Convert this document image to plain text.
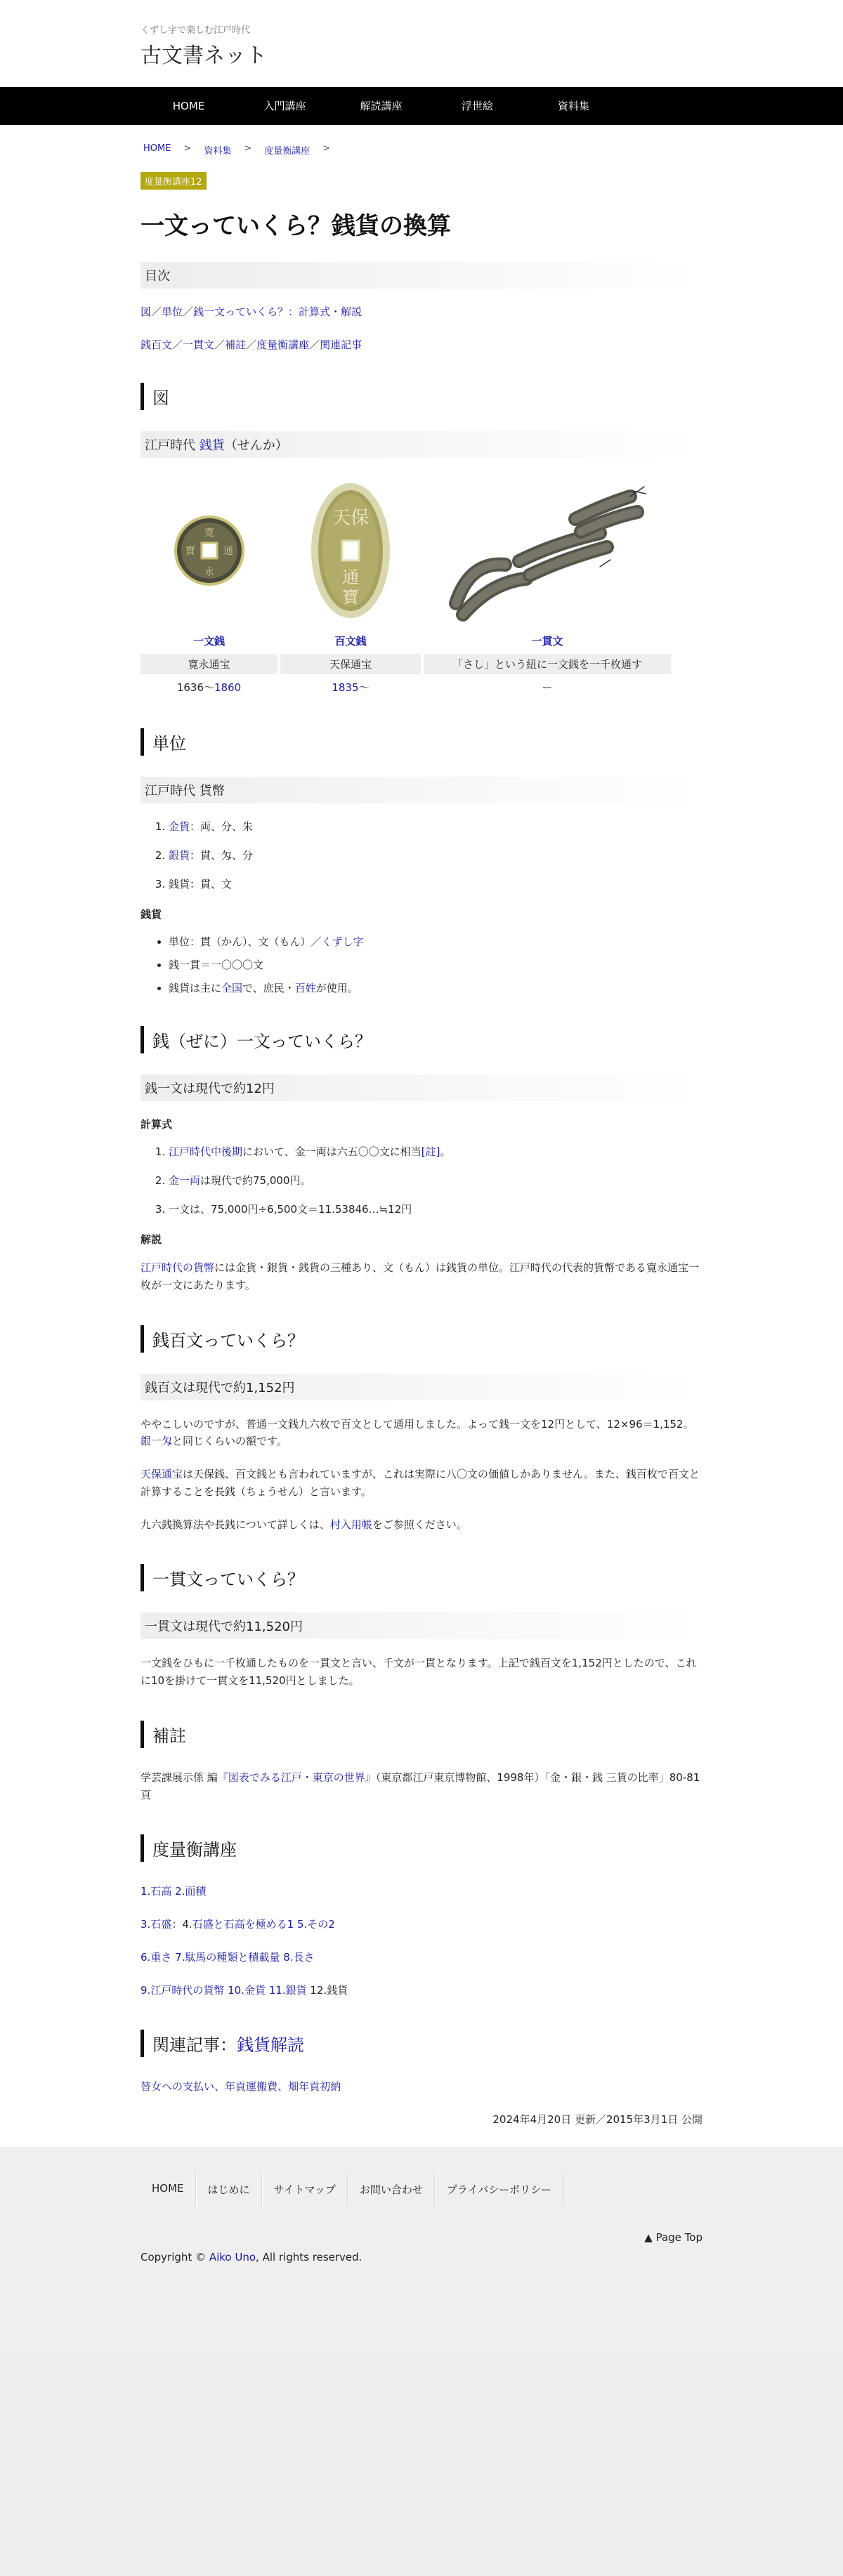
くずし字で楽しむ江戸時代
古文書ネット
HOME	入門講座	解読講座	浮世絵	資料集
HOME > 資料集 > 度量衡講座 >
度量衡講座12
一文っていくら？銭貨の換算
目次
図／単位／銭一文っていくら？：計算式・解説
銭百文／一貫文／補註／度量衡講座／関連記事
図
江戸時代 銭貨（せんか）
寛
永
通
寶
天保
通
寶
一文銭	百文銭	一貫文
寛永通宝	天保通宝	「さし」という紐に一文銭を一千枚通す
1636〜1860	1835〜	ー
単位
江戸時代 貨幣
1. 金貨：両、分、朱
2. 銀貨：貫、匁、分
3. 銭貨：貫、文
銭貨
• 単位：貫（かん）、文（もん）／くずし字
• 銭一貫＝一〇〇〇文
• 銭貨は主に全国で、庶民・百姓が使用。
銭（ぜに）一文っていくら？
銭一文は現代で約12円
計算式
1. 江戸時代中後期において、金一両は六五〇〇文に相当[註]。
2. 金一両は現代で約75,000円。
3. 一文は、75,000円÷6,500文＝11.53846…≒12円
解説

江戸時代の貨幣には金貨・銀貨・銭貨の三種あり、文（もん）は銭貨の単位。江戸時代の代表的貨幣である寛永通宝一枚が一文にあたります。

銭百文っていくら？
銭百文は現代で約1,152円

ややこしいのですが、普通一文銭九六枚で百文として通用しました。よって銭一文を12円として、12×96＝1,152。銀一匁と同じくらいの額です。

天保通宝は天保銭、百文銭とも言われていますが、これは実際に八〇文の価値しかありません。また、銭百枚で百文と計算することを長銭（ちょうせん）と言います。

九六銭換算法や長銭について詳しくは、村入用帳をご参照ください。

一貫文っていくら？
一貫文は現代で約11,520円

一文銭をひもに一千枚通したものを一貫文と言い、千文が一貫となります。上記で銭百文を1,152円としたので、これに10を掛けて一貫文を11,520円としました。

補註

学芸課展示係 編『図表でみる江戸・東京の世界』（東京都江戸東京博物館、1998年）「金・銀・銭 三貨の比率」80-81頁

度量衡講座

1.石高 2.面積

3.石盛：4.石盛と石高を極める1 5.その2

6.重さ 7.駄馬の種類と積載量 8.長さ

9.江戸時代の貨幣 10.金貨 11.銀貨 12.銭貨

関連記事：銭貨解読

替女への支払い、年貢運搬費、畑年貢初納

2024年4月20日 更新／2015年3月1日 公開

HOME	はじめに	サイトマップ	お問い合わせ	プライバシーポリシー
▲ Page Top
Copyright © Aiko Uno, All rights reserved.
